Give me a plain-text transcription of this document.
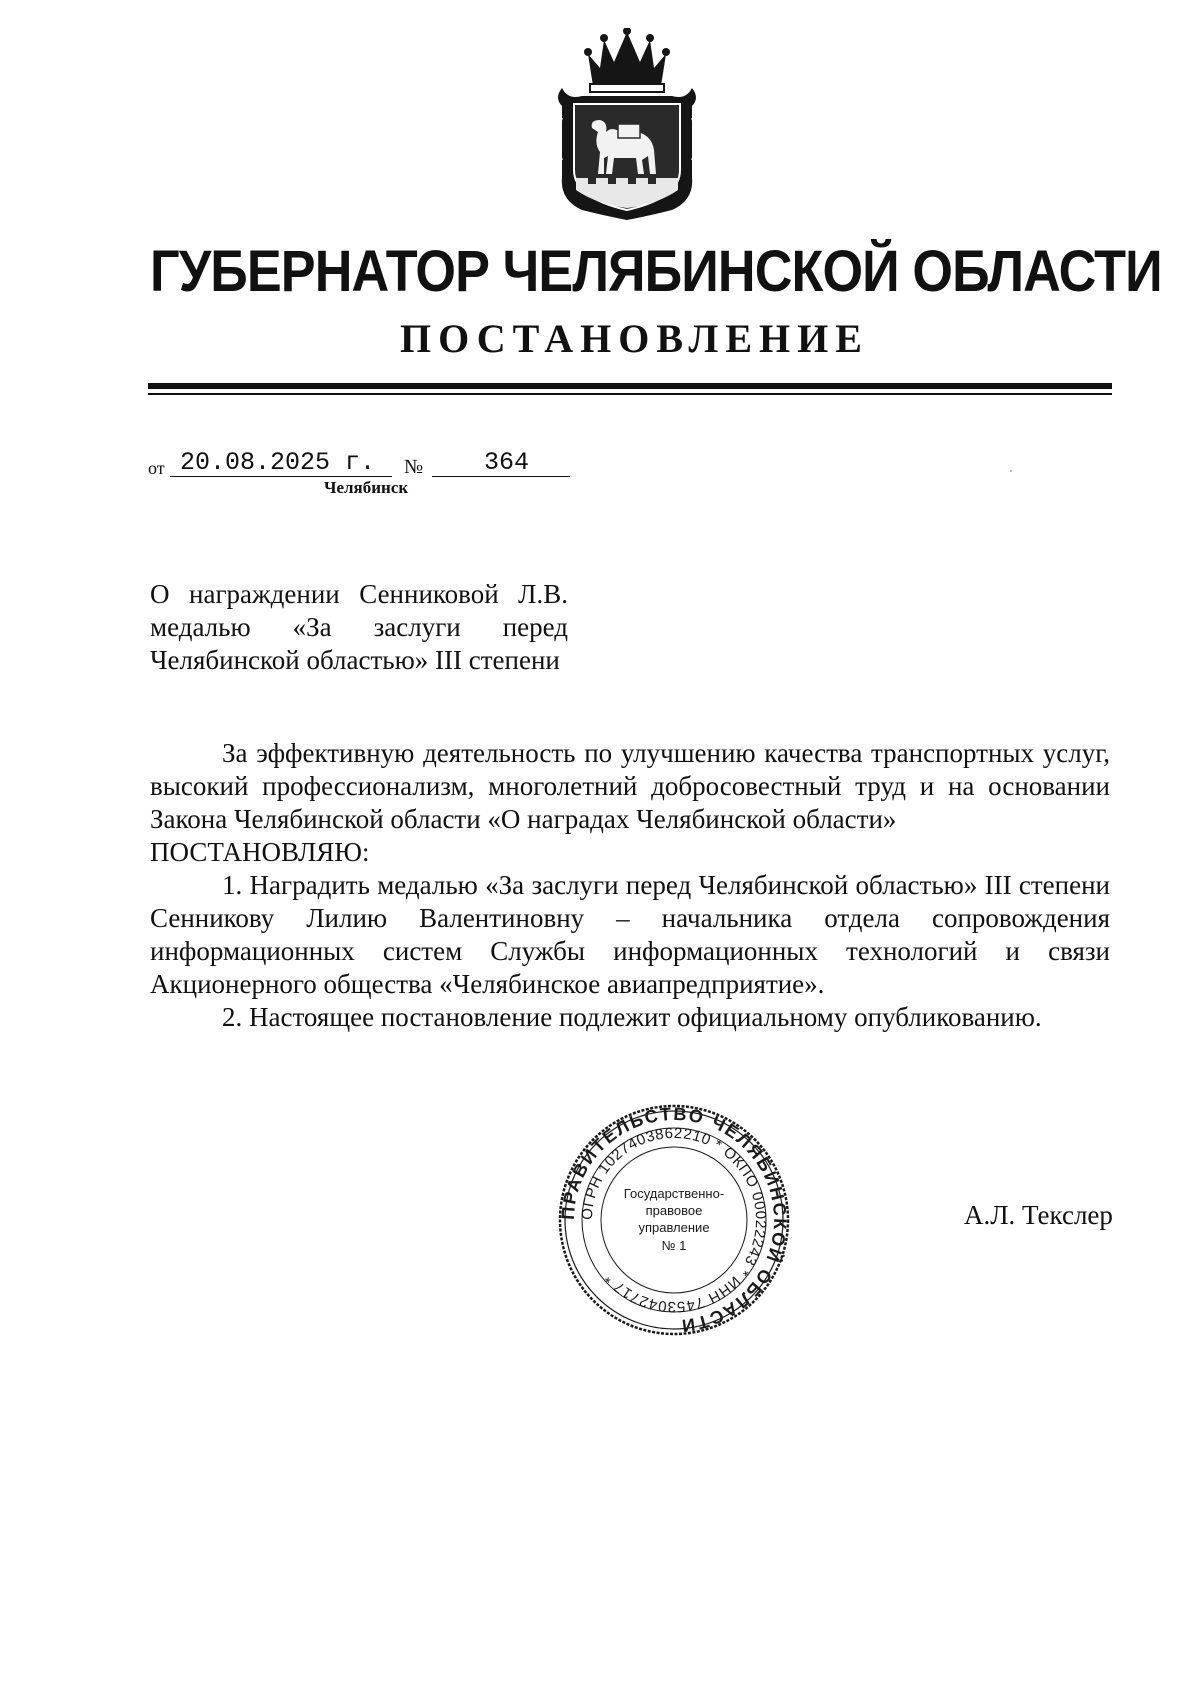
ГУБЕРНАТОР ЧЕЛЯБИНСКОЙ ОБЛАСТИ
ПОСТАНОВЛЕНИЕ
от 20.08.2025 г. № 364
Челябинск
О награждении Сенниковой Л.В.
медалью «За заслуги перед
Челябинской областью» III степени
За эффективную деятельность по улучшению качества транспортных услуг, высокий профессионализм, многолетний добросовестный труд и на основании Закона Челябинской области «О наградах Челябинской области»
ПОСТАНОВЛЯЮ:
1. Наградить медалью «За заслуги перед Челябинской областью» III степени Сенникову Лилию Валентиновну – начальника отдела сопровождения информационных систем Службы информационных технологий и связи Акционерного общества «Челябинское авиапредприятие».
2. Настоящее постановление подлежит официальному опубликованию.
ПРАВИТЕЛЬСТВО ЧЕЛЯБИНСКОЙ ОБЛАСТИ
ОГРН 1027403862210 * ОКПО 00022243 * ИНН 7453042717 *
Государственно-
правовое
управление
№ 1
А.Л. Текслер
